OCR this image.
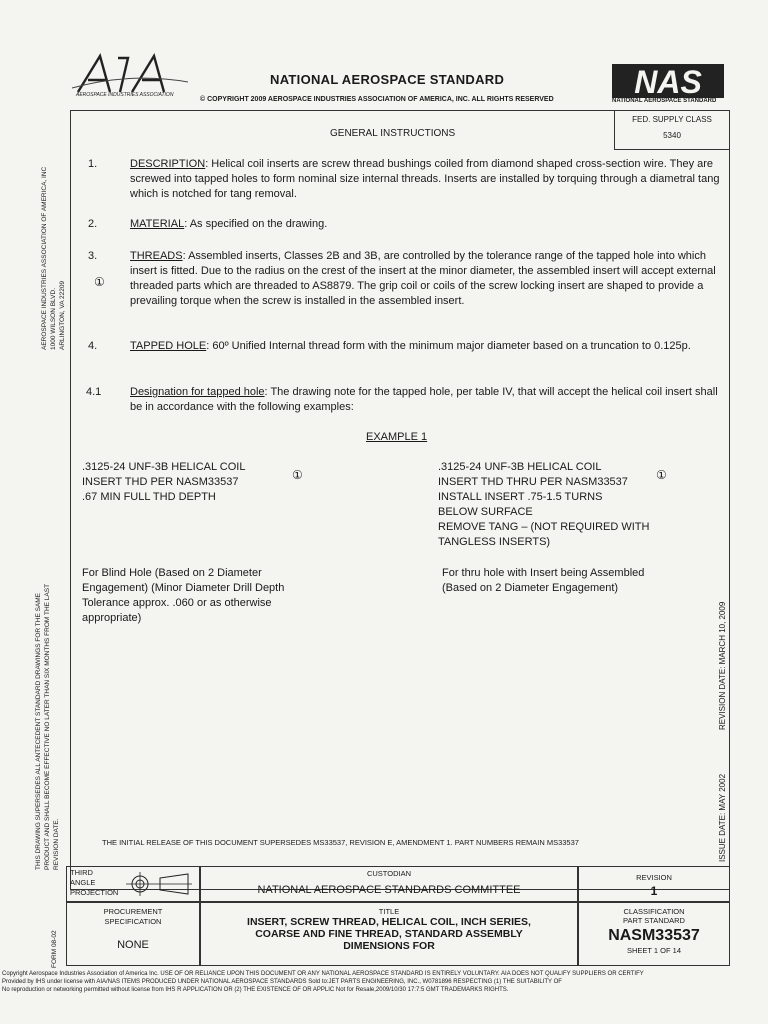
AEROSPACE INDUSTRIES ASSOCIATION
NATIONAL AEROSPACE STANDARD
© COPYRIGHT 2009 AEROSPACE INDUSTRIES ASSOCIATION OF AMERICA, INC. ALL RIGHTS RESERVED	NAS
NATIONAL AEROSPACE STANDARD
FED. SUPPLY CLASS
5340
GENERAL INSTRUCTIONS
1.	DESCRIPTION: Helical coil inserts are screw thread bushings coiled from diamond shaped cross-section wire. They are screwed into tapped holes to form nominal size internal threads. Inserts are installed by torquing through a diametral tang which is notched for tang removal.
2.	MATERIAL: As specified on the drawing.
3.
①
THREADS: Assembled inserts, Classes 2B and 3B, are controlled by the tolerance range of the tapped hole into which insert is fitted. Due to the radius on the crest of the insert at the minor diameter, the assembled insert will accept external threaded parts which are threaded to AS8879. The grip coil or coils of the screw locking insert are shaped to provide a prevailing torque when the screw is installed in the assembled insert.
4.	TAPPED HOLE: 60º Unified Internal thread form with the minimum major diameter based on a truncation to 0.125p.
4.1	Designation for tapped hole: The drawing note for the tapped hole, per table IV, that will accept the helical coil insert shall be in accordance with the following examples:
EXAMPLE 1
.3125-24 UNF-3B HELICAL COIL
INSERT THD PER NASM33537
.67 MIN FULL THD DEPTH
①
.3125-24 UNF-3B HELICAL COIL
INSERT THD THRU PER NASM33537
INSTALL INSERT .75-1.5 TURNS
BELOW SURFACE
REMOVE TANG – (NOT REQUIRED WITH
TANGLESS INSERTS)
①
For Blind Hole (Based on 2 Diameter
Engagement) (Minor Diameter Drill Depth
Tolerance approx. .060 or as otherwise
appropriate)
For thru hole with Insert being Assembled
(Based on 2 Diameter Engagement)
THE INITIAL RELEASE OF THIS DOCUMENT SUPERSEDES MS33537, REVISION E, AMENDMENT 1. PART NUMBERS REMAIN MS33537
THIRD
ANGLE
PROJECTION
CUSTODIAN
NATIONAL AEROSPACE STANDARDS COMMITTEE
REVISION
1
PROCUREMENT SPECIFICATION
NONE
TITLE
INSERT, SCREW THREAD, HELICAL COIL, INCH SERIES,
COARSE AND FINE THREAD, STANDARD ASSEMBLY
DIMENSIONS FOR
CLASSIFICATION
PART STANDARD
NASM33537
SHEET 1 OF 14
AEROSPACE INDUSTRIES ASSOCIATION OF AMERICA, INC 1000 WILSON BLVD. ARLINGTON, VA 22209
THIS DRAWING SUPERSEDES ALL ANTECEDENT STANDARD DRAWINGS FOR THE SAME PRODUCT AND SHALL BECOME EFFECTIVE NO LATER THAN SIX MONTHS FROM THE LAST REVISION DATE.
FORM 08-02
REVISION DATE: MARCH 10, 2009
ISSUE DATE: MAY 2002
Copyright Aerospace Industries Association of America Inc. USE OF OR RELIANCE UPON THIS DOCUMENT OR ANY NATIONAL AEROSPACE STANDARD IS ENTIRELY VOLUNTARY. AIA DOES NOT QUALIFY SUPPLIERS OR CERTIFY
Provided by IHS under license with AIA/NAS ITEMS PRODUCED UNDER NATIONAL AEROSPACE STANDARDS Sold to:JET PARTS ENGINEERING, INC., W0781896 RESPECTING (1) THE SUITABILITY OF
No reproduction or networking permitted without license from IHS R APPLICATION OR (2) THE EXISTENCE OF OR APPLIC Not for Resale,2009/10/30 17:7:5 GMT TRADEMARKS RIGHTS.
